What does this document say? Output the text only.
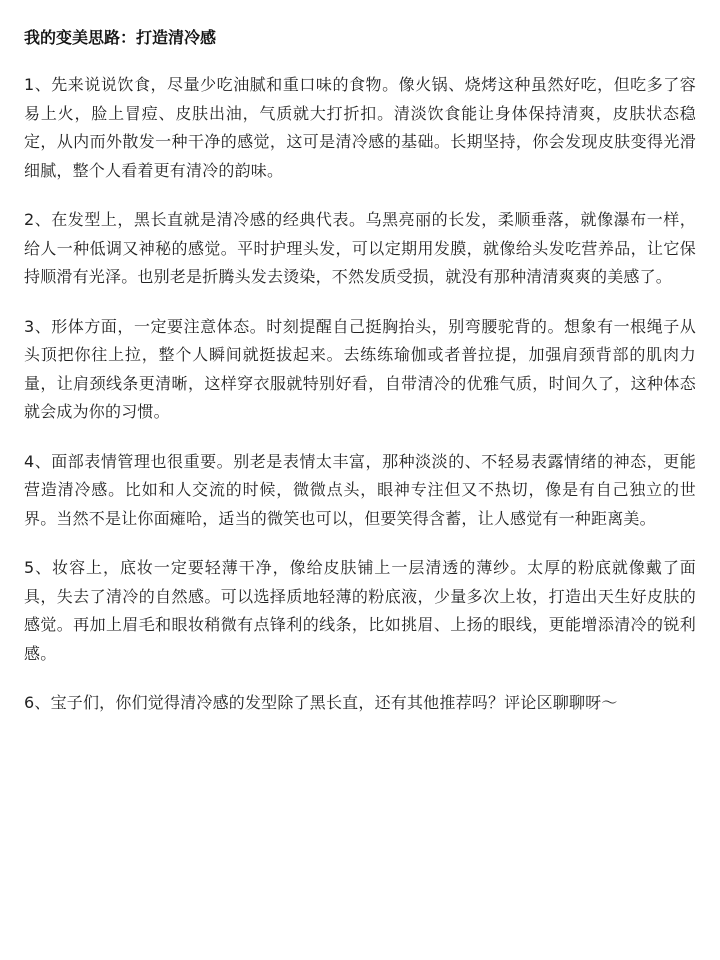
我的变美思路：打造清冷感

1、先来说说饮食，尽量少吃油腻和重口味的食物。像火锅、烧烤这种虽然好吃，但吃多了容易上火，脸上冒痘、皮肤出油，气质就大打折扣。清淡饮食能让身体保持清爽，皮肤状态稳定，从内而外散发一种干净的感觉，这可是清冷感的基础。长期坚持，你会发现皮肤变得光滑细腻，整个人看着更有清冷的韵味。

2、在发型上，黑长直就是清冷感的经典代表。乌黑亮丽的长发，柔顺垂落，就像瀑布一样，给人一种低调又神秘的感觉。平时护理头发，可以定期用发膜，就像给头发吃营养品，让它保持顺滑有光泽。也别老是折腾头发去烫染，不然发质受损，就没有那种清清爽爽的美感了。

3、形体方面，一定要注意体态。时刻提醒自己挺胸抬头，别弯腰驼背的。想象有一根绳子从头顶把你往上拉，整个人瞬间就挺拔起来。去练练瑜伽或者普拉提，加强肩颈背部的肌肉力量，让肩颈线条更清晰，这样穿衣服就特别好看，自带清冷的优雅气质，时间久了，这种体态就会成为你的习惯。

4、面部表情管理也很重要。别老是表情太丰富，那种淡淡的、不轻易表露情绪的神态，更能营造清冷感。比如和人交流的时候，微微点头，眼神专注但又不热切，像是有自己独立的世界。当然不是让你面瘫哈，适当的微笑也可以，但要笑得含蓄，让人感觉有一种距离美。

5、妆容上，底妆一定要轻薄干净，像给皮肤铺上一层清透的薄纱。太厚的粉底就像戴了面具，失去了清冷的自然感。可以选择质地轻薄的粉底液，少量多次上妆，打造出天生好皮肤的感觉。再加上眉毛和眼妆稍微有点锋利的线条，比如挑眉、上扬的眼线，更能增添清冷的锐利感。

6、宝子们，你们觉得清冷感的发型除了黑长直，还有其他推荐吗？评论区聊聊呀～
